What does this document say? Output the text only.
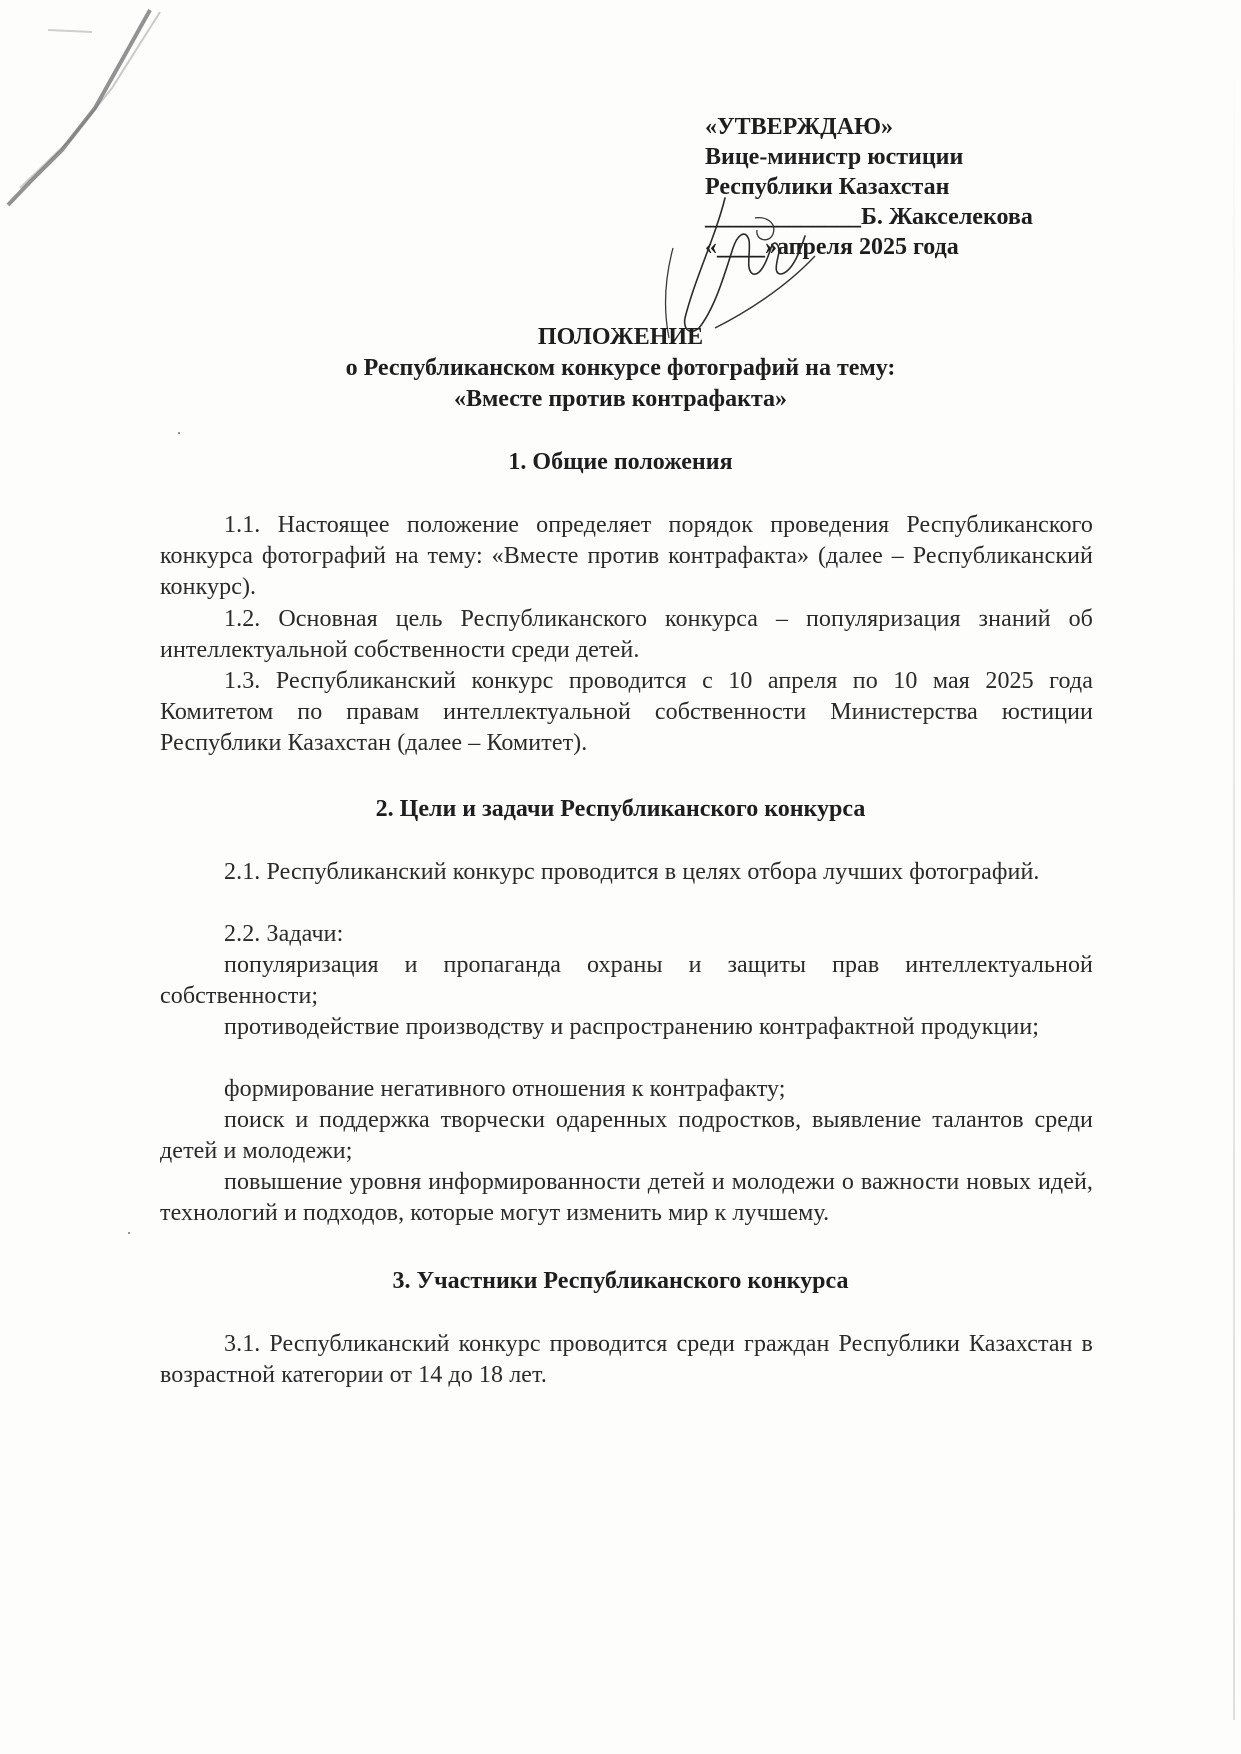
«УТВЕРЖДАЮ»
Вице-министр юстиции
Республики Казахстан
_____________Б. Жакселекова
«____»апреля 2025 года
ПОЛОЖЕНИЕ
о Республиканском конкурсе фотографий на тему:
«Вместе против контрафакта»
1. Общие положения
1.1. Настоящее положение определяет порядок проведения Республиканского конкурса фотографий на тему: «Вместе против контрафакта» (далее – Республиканский конкурс).
1.2. Основная цель Республиканского конкурса – популяризация знаний об интеллектуальной собственности среди детей.
1.3. Республиканский конкурс проводится с 10 апреля по 10 мая 2025 года Комитетом по правам интеллектуальной собственности Министерства юстиции Республики Казахстан (далее – Комитет).
2. Цели и задачи Республиканского конкурса
2.1. Республиканский конкурс проводится в целях отбора лучших фотографий.
2.2. Задачи:
популяризация и пропаганда охраны и защиты прав интеллектуальной собственности;
противодействие производству и распространению контрафактной продукции;
формирование негативного отношения к контрафакту;
поиск и поддержка творчески одаренных подростков, выявление талантов среди детей и молодежи;
повышение уровня информированности детей и молодежи о важности новых идей, технологий и подходов, которые могут изменить мир к лучшему.
3. Участники Республиканского конкурса
3.1. Республиканский конкурс проводится среди граждан Республики Казахстан в возрастной категории от 14 до 18 лет.
